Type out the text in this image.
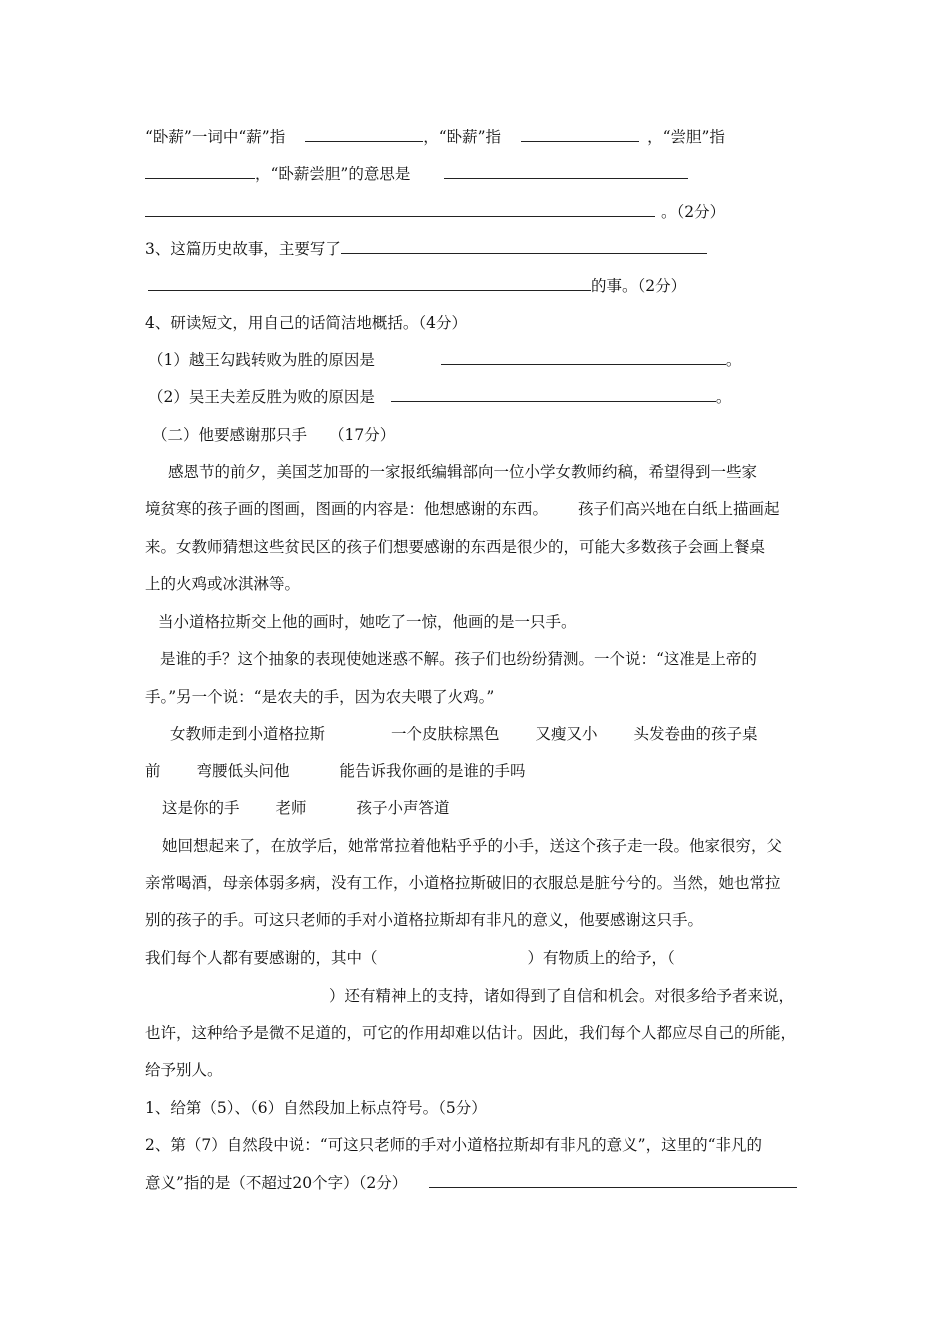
“卧薪”一词中“薪”指	，“卧薪”指	，“尝胆”指
，“卧薪尝胆”的意思是
。（2分）
3、这篇历史故事，主要写了
的事。（2分）
4、研读短文，用自己的话简洁地概括。（4分）
（1）越王勾践转败为胜的原因是	。
（2）吴王夫差反胜为败的原因是	。
（二）他要感谢那只手 （17分）
感恩节的前夕，美国芝加哥的一家报纸编辑部向一位小学女教师约稿，希望得到一些家
境贫寒的孩子画的图画，图画的内容是：他想感谢的东西。 孩子们高兴地在白纸上描画起
来。女教师猜想这些贫民区的孩子们想要感谢的东西是很少的，可能大多数孩子会画上餐桌
上的火鸡或冰淇淋等。
当小道格拉斯交上他的画时，她吃了一惊，他画的是一只手。
是谁的手？这个抽象的表现使她迷惑不解。孩子们也纷纷猜测。一个说：“这准是上帝的
手。”另一个说：“是农夫的手，因为农夫喂了火鸡。”
女教师走到小道格拉斯	一个皮肤棕黑色 又瘦又小 头发卷曲的孩子桌
前 弯腰低头问他	能告诉我你画的是谁的手吗
这是你的手 老师	孩子小声答道
她回想起来了，在放学后，她常常拉着他粘乎乎的小手，送这个孩子走一段。他家很穷，父
亲常喝酒，母亲体弱多病，没有工作，小道格拉斯破旧的衣服总是脏兮兮的。当然，她也常拉
别的孩子的手。可这只老师的手对小道格拉斯却有非凡的意义，他要感谢这只手。
我们每个人都有要感谢的，其中（	）有物质上的给予，（
）还有精神上的支持，诸如得到了自信和机会。对很多给予者来说，
也许，这种给予是微不足道的，可它的作用却难以估计。因此，我们每个人都应尽自己的所能，
给予别人。
1、给第（5）、（6）自然段加上标点符号。（5分）
2、第（7）自然段中说：“可这只老师的手对小道格拉斯却有非凡的意义”，这里的“非凡的
意义”指的是（不超过20个字）（2分）
